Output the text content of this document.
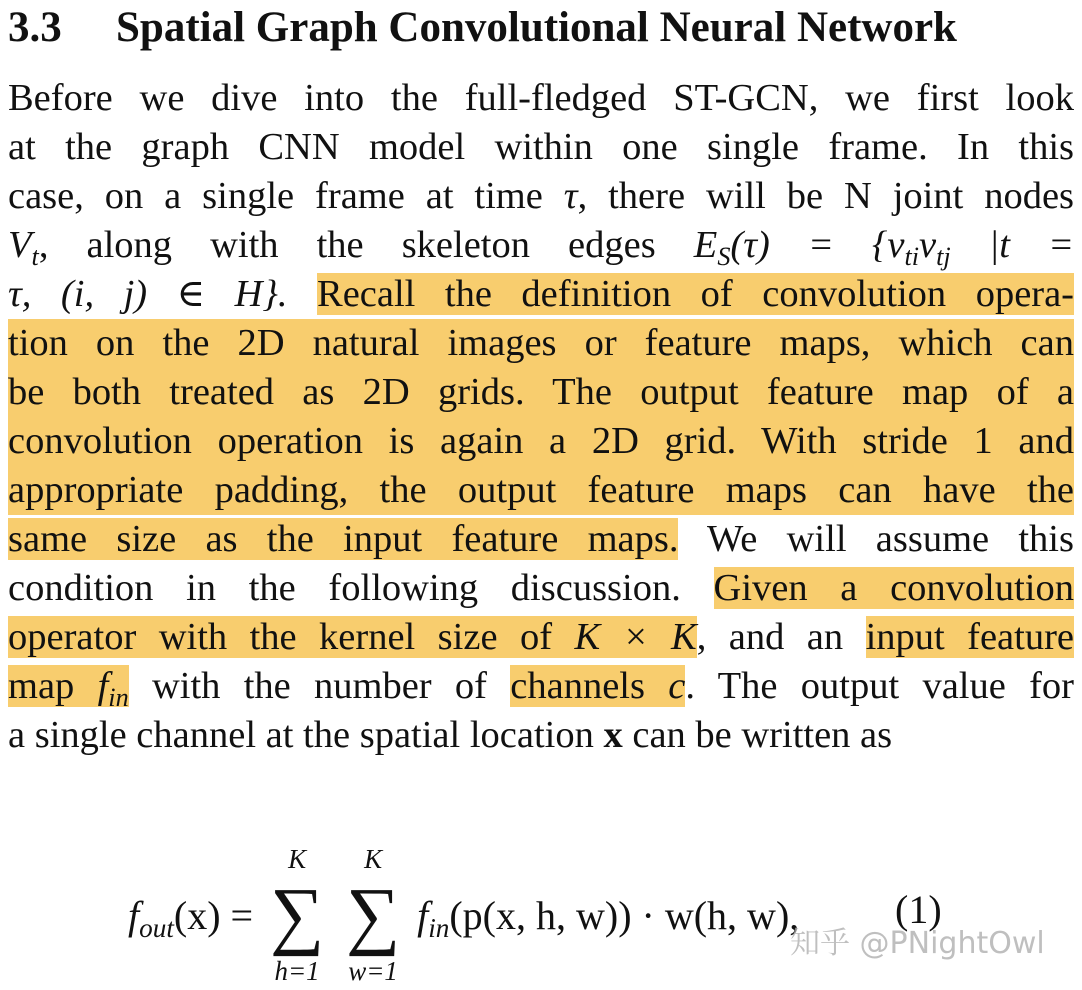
3.3 Spatial Graph Convolutional Neural Network
Before we dive into the full-fledged ST-GCN, we first look
at the graph CNN model within one single frame. In this
case, on a single frame at time τ, there will be N joint nodes
$V_t$, along with the skeleton edges $E_S(\tau) = \{v_{ti}v_{tj}$ |t =
τ, (i, j) ∈ H}. Recall the definition of convolution opera-
tion on the 2D natural images or feature maps, which can
be both treated as 2D grids. The output feature map of a
convolution operation is again a 2D grid. With stride 1 and
appropriate padding, the output feature maps can have the
same size as the input feature maps. We will assume this
condition in the following discussion. Given a convolution
operator with the kernel size of K × K, and an input feature
map $f_{in}$ with the number of channels c. The output value for
a single channel at the spatial location x can be written as
$f_{out}$ (x) =
K
∑
h=1
K
∑
w=1
$f_{in}$ (p(x, h, w)) · w(h, w), (1)
知乎 @PNightOwl
